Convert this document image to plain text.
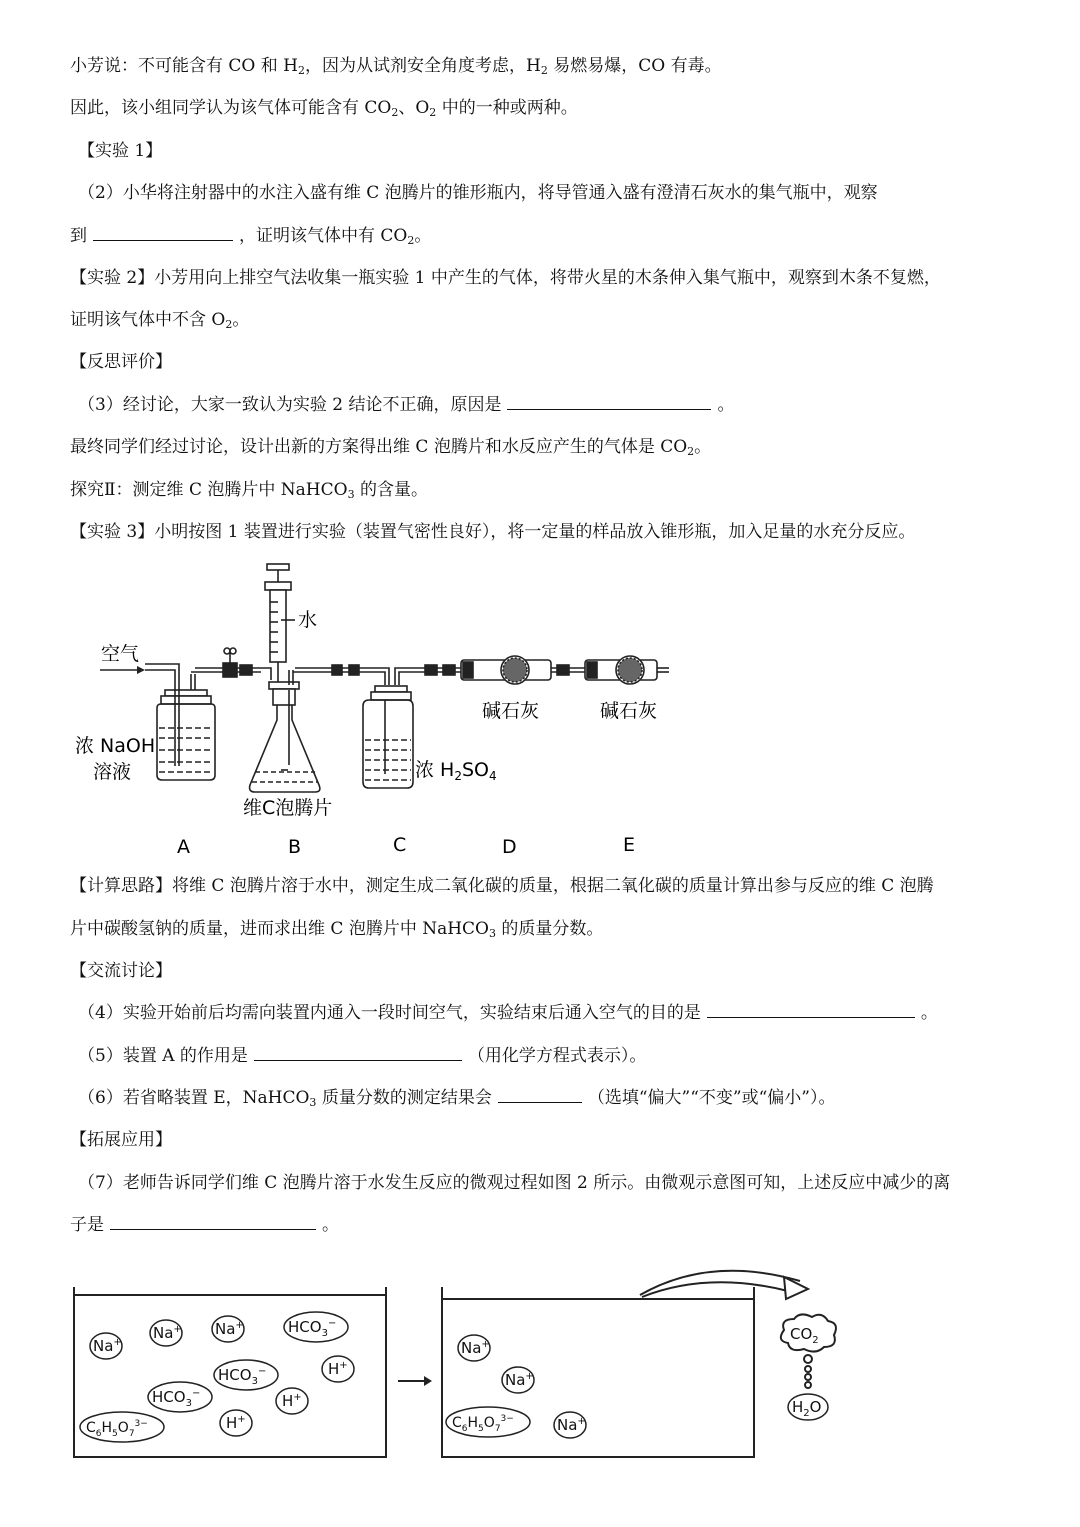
小芳说：不可能含有 CO 和 $H_2$，因为从试剂安全角度考虑，$H_2$ 易燃易爆，CO 有毒。
因此，该小组同学认为该气体可能含有 $CO_2$、$O_2$ 中的一种或两种。
【实验 1】
（2）小华将注射器中的水注入盛有维 C 泡腾片的锥形瓶内，将导管通入盛有澄清石灰水的集气瓶中，观察
到	，证明该气体中有 $CO_2$。
【实验 2】小芳用向上排空气法收集一瓶实验 1 中产生的气体，将带火星的木条伸入集气瓶中，观察到木条不复燃，
证明该气体中不含 $O_2$。
【反思评价】
（3）经讨论，大家一致认为实验 2 结论不正确，原因是	。
最终同学们经过讨论，设计出新的方案得出维 C 泡腾片和水反应产生的气体是 $CO_2$。
探究Ⅱ：测定维 C 泡腾片中 NaHCO$_3$ 的含量。
【实验 3】小明按图 1 装置进行实验（装置气密性良好），将一定量的样品放入锥形瓶，加入足量的水充分反应。
空气
水
碱石灰	碱石灰
浓 NaOH
溶液	浓 $H_2SO_4$
维C泡腾片
A	B	C	D	E
【计算思路】将维 C 泡腾片溶于水中，测定生成二氧化碳的质量，根据二氧化碳的质量计算出参与反应的维 C 泡腾
片中碳酸氢钠的质量，进而求出维 C 泡腾片中 NaHCO$_3$ 的质量分数。
【交流讨论】
（4）实验开始前后均需向装置内通入一段时间空气，实验结束后通入空气的目的是	。
（5）装置 A 的作用是	（用化学方程式表示）。
（6）若省略装置 E，NaHCO$_3$ 质量分数的测定结果会	（选填“偏大”“不变”或“偏小”）。
【拓展应用】
（7）老师告诉同学们维 C 泡腾片溶于水发生反应的微观过程如图 2 所示。由微观示意图可知，上述反应中减少的离
子是	。
Na+
Na+ Na+	$HCO_3^-$
$HCO_3^-$	H+
$HCO_3^-$	H+
H+
$C_6H_5O_7^{3-}$
Na+
Na+
$C_6H_5O_7^{3-}$	Na+
$CO_2$
$H_2O$
